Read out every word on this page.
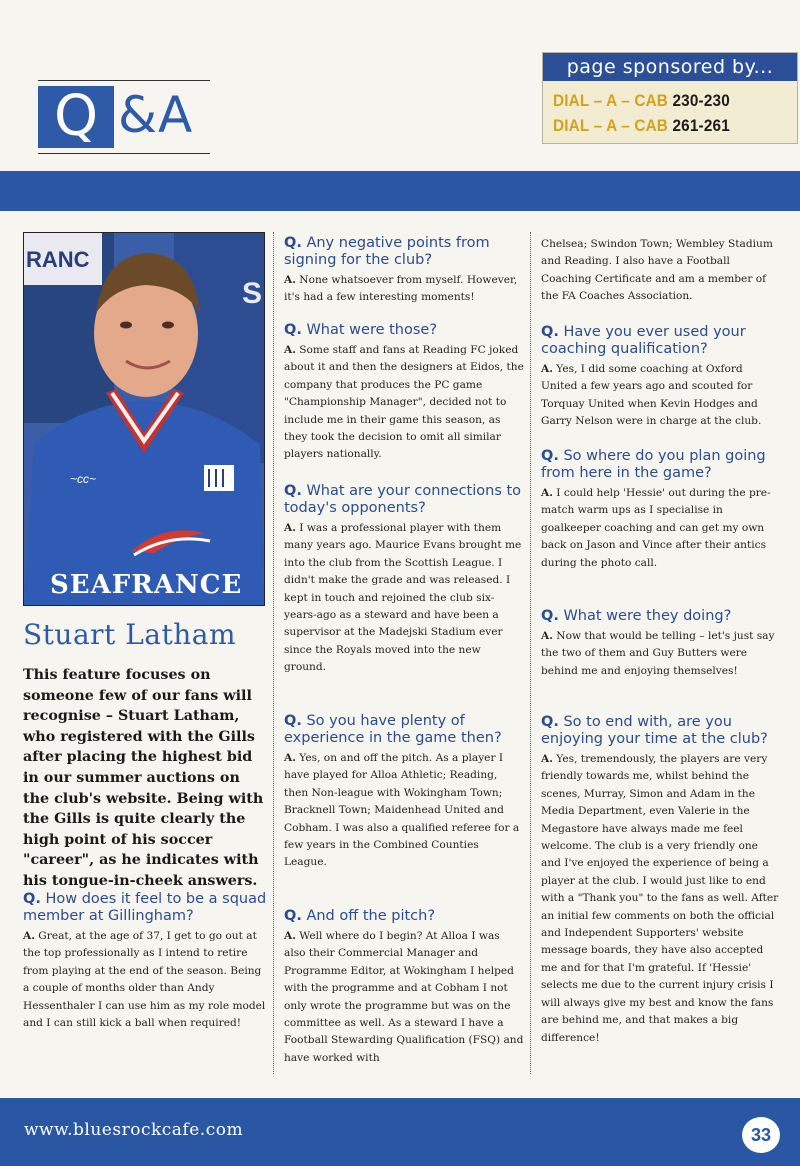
Q &A
page sponsored by...
DIAL – A – CAB 230-230
DIAL – A – CAB 261-261
RANC
S
~cc~
SEAFRANCE
Stuart Latham
This feature focuses on someone few of our fans will recognise – Stuart Latham, who registered with the Gills after placing the highest bid in our summer auctions on the club's website. Being with the Gills is quite clearly the high point of his soccer "career", as he indicates with his tongue-in-cheek answers.

Q. How does it feel to be a squad member at Gillingham?

A. Great, at the age of 37, I get to go out at the top professionally as I intend to retire from playing at the end of the season. Being a couple of months older than Andy Hessenthaler I can use him as my role model and I can still kick a ball when required!

Q. Any negative points from signing for the club?

A. None whatsoever from myself. However, it's had a few interesting moments!

Q. What were those?

A. Some staff and fans at Reading FC joked about it and then the designers at Eidos, the company that produces the PC game "Championship Manager", decided not to include me in their game this season, as they took the decision to omit all similar players nationally.

Q. What are your connections to today's opponents?

A. I was a professional player with them many years ago. Maurice Evans brought me into the club from the Scottish League. I didn't make the grade and was released. I kept in touch and rejoined the club six-years-ago as a steward and have been a supervisor at the Madejski Stadium ever since the Royals moved into the new ground.

Q. So you have plenty of experience in the game then?

A. Yes, on and off the pitch. As a player I have played for Alloa Athletic; Reading, then Non-league with Wokingham Town; Bracknell Town; Maidenhead United and Cobham. I was also a qualified referee for a few years in the Combined Counties League.

Q. And off the pitch?

A. Well where do I begin? At Alloa I was also their Commercial Manager and Programme Editor, at Wokingham I helped with the programme and at Cobham I not only wrote the programme but was on the committee as well. As a steward I have a Football Stewarding Qualification (FSQ) and have worked with

Chelsea; Swindon Town; Wembley Stadium and Reading. I also have a Football Coaching Certificate and am a member of the FA Coaches Association.

Q. Have you ever used your coaching qualification?

A. Yes, I did some coaching at Oxford United a few years ago and scouted for Torquay United when Kevin Hodges and Garry Nelson were in charge at the club.

Q. So where do you plan going from here in the game?

A. I could help 'Hessie' out during the pre-match warm ups as I specialise in goalkeeper coaching and can get my own back on Jason and Vince after their antics during the photo call.

Q. What were they doing?

A. Now that would be telling – let's just say the two of them and Guy Butters were behind me and enjoying themselves!

Q. So to end with, are you enjoying your time at the club?

A. Yes, tremendously, the players are very friendly towards me, whilst behind the scenes, Murray, Simon and Adam in the Media Department, even Valerie in the Megastore have always made me feel welcome. The club is a very friendly one and I've enjoyed the experience of being a player at the club. I would just like to end with a "Thank you" to the fans as well. After an initial few comments on both the official and Independent Supporters' website message boards, they have also accepted me and for that I'm grateful. If 'Hessie' selects me due to the current injury crisis I will always give my best and know the fans are behind me, and that makes a big difference!

www.bluesrockcafe.com	33
